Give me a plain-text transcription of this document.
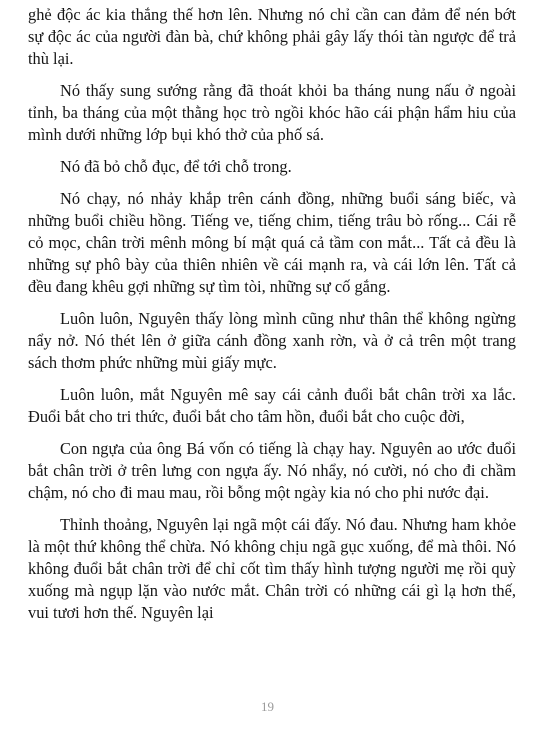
ghẻ độc ác kia thắng thế hơn lên. Nhưng nó chỉ cần can đảm để nén bớt sự độc ác của người đàn bà, chứ không phải gây lấy thói tàn ngược để trả thù lại.

Nó thấy sung sướng rằng đã thoát khỏi ba tháng nung nấu ở ngoài tỉnh, ba tháng của một thằng học trò ngồi khóc hão cái phận hẩm hiu của mình dưới những lớp bụi khó thở của phố sá.

Nó đã bỏ chỗ đục, để tới chỗ trong.

Nó chạy, nó nhảy khắp trên cánh đồng, những buổi sáng biếc, và những buổi chiều hồng. Tiếng ve, tiếng chim, tiếng trâu bò rống... Cái rễ cỏ mọc, chân trời mênh mông bí mật quá cả tầm con mắt... Tất cả đều là những sự phô bày của thiên nhiên về cái mạnh ra, và cái lớn lên. Tất cả đều đang khêu gợi những sự tìm tòi, những sự cố gắng.

Luôn luôn, Nguyên thấy lòng mình cũng như thân thể không ngừng nẩy nở. Nó thét lên ở giữa cánh đồng xanh rờn, và ở cả trên một trang sách thơm phức những mùi giấy mực.

Luôn luôn, mắt Nguyên mê say cái cảnh đuổi bắt chân trời xa lắc. Đuổi bắt cho tri thức, đuổi bắt cho tâm hồn, đuổi bắt cho cuộc đời,

Con ngựa của ông Bá vốn có tiếng là chạy hay. Nguyên ao ước đuổi bắt chân trời ở trên lưng con ngựa ấy. Nó nhẩy, nó cười, nó cho đi chầm chậm, nó cho đi mau mau, rồi bỗng một ngày kia nó cho phi nước đại.

Thỉnh thoảng, Nguyên lại ngã một cái đấy. Nó đau. Nhưng ham khỏe là một thứ không thể chừa. Nó không chịu ngã gục xuống, để mà thôi. Nó không đuổi bắt chân trời để chỉ cốt tìm thấy hình tượng người mẹ rồi quỳ xuống mà ngụp lặn vào nước mắt. Chân trời có những cái gì lạ hơn thế, vui tươi hơn thế. Nguyên lại

19
